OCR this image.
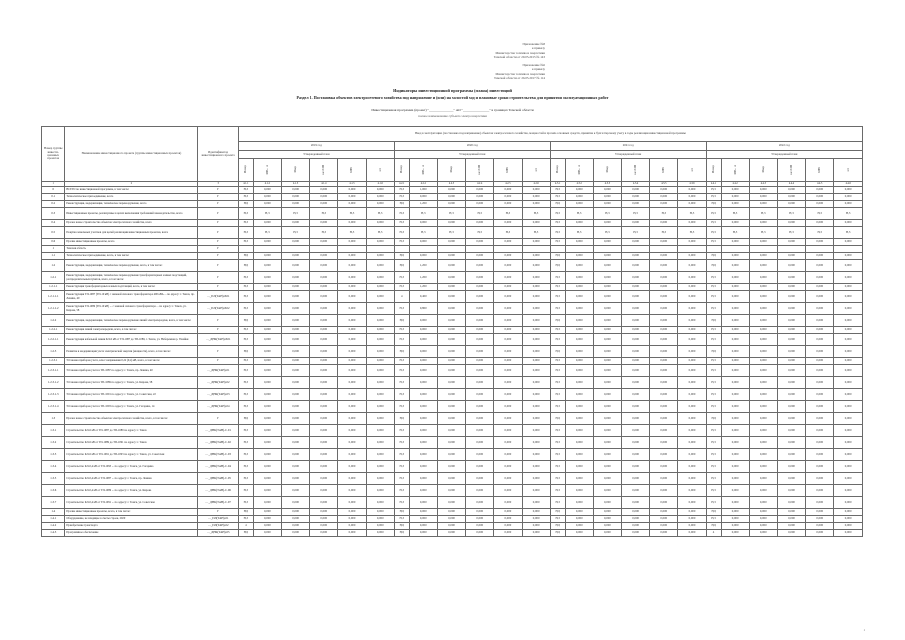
Приложение №8
к приказу
Министерства топлива и энергетики
Томской области от 29.05.2015 № 143
Приложение №6
к приказу
Министерства топлива и энергетики
Томской области от 26.05.2017 № 114
Индикаторы инвестиционной программы (плана) инвестиций
Раздел 1. Постановка объектов электросетевого хозяйства под напряжение и (или) на холостой ход и плановые сроки строительства для принятия эксплуатационных работ
Инвестиционная программа (проект) "______________" АО "_______________" в границах Томской области
полное наименование субъекта электроэнергетики
Номер группы инвестиционных проектов	Наименование инвестиционного проекта (группы инвестиционных проектов)	Идентификатор инвестиционного проекта	Ввод в эксплуатацию (постановка под напряжение) объектов электросетевого хозяйства, мощностей и прочих основных средств, принятие к бухгалтерскому учету в годы реализации инвестиционной программы																							
			2019 год						2020 год						2021 год						2022 год					
			Утвержденный план						Утвержденный план						Утвержденный план						Утвержденный план					
			Номер	МВ×А	Мвар	км ЛЭП	МВт	шт	Номер	МВ×А	Мвар	км ЛЭП	МВт	шт	Номер	МВ×А	Мвар	км ЛЭП	МВт	шт	Номер	МВ×А	Мвар	км ЛЭП	МВт	шт
1	2	3	4.1.1	4.1.2	4.1.3	4.1.4	4.1.5	4.1.6	4.2.1	4.2.2	4.2.3	4.2.4	4.2.5	4.2.6	4.3.1	4.3.2	4.3.3	4.3.4	4.3.5	4.3.6	4.4.1	4.4.2	4.4.3	4.4.4	4.4.5	4.4.6
0	ВСЕГО по инвестиционной программе, в том числе:	Г	Н,3	0,000	0,000	0,000	0,000	0,000	Н,3	1,000	0,000	0,000	0,000	0,000	Н,3	0,000	0,000	0,000	0,000	0,000	Н,3	0,000	0,000	0,000	0,000	0,000
0.1	Технологическое присоединение, всего	Г	Н,3	0,000	0,000	0,000	0,000	0,000	Н,3	0,000	0,000	0,000	0,000	0,000	Н,3	0,000	0,000	0,000	0,000	0,000	Н,3	0,000	0,000	0,000	0,000	0,000
0.2	Реконструкция, модернизация, техническое перевооружение, всего	Г	НД	0,000	0,000	0,000	0,000	0,000	НД	1,200	0,000	0,000	0,000	0,000	НД	0,000	0,000	0,000	0,000	0,000	НД	0,000	0,000	0,000	0,000	0,000
0.3	Инвестиционные проекты, реализуемые в целях выполнения требований законодательства, всего	Г	Н,3	Н,3	Н,3	Н,3	Н,3	Н,3	Н,3	Н,3	Н,3	Н,3	Н,3	Н,3	Н,3	Н,3	Н,3	Н,3	Н,3	Н,3	Н,3	Н,3	Н,3	Н,3	Н,3	Н,3
0.4	Прочее новое строительство объектов электросетевого хозяйства, всего	Г	Н,3	0,000	0,000	0,000	0,000	0,000	Н,3	0,000	0,000	0,000	0,000	0,000	Н,3	0,000	0,000	0,000	0,000	0,000	Н,3	0,000	0,000	0,000	0,000	0,000
0.5	Покупка земельных участков для целей реализации инвестиционных проектов, всего	Г	Н,3	Н,3	Н,3	Н,3	Н,3	Н,3	Н,3	Н,3	Н,3	Н,3	Н,3	Н,3	Н,3	Н,3	Н,3	Н,3	Н,3	Н,3	Н,3	Н,3	Н,3	Н,3	Н,3	Н,3
0.6	Прочие инвестиционные проекты, всего	Г	Н,3	0,000	0,000	0,000	0,000	0,000	Н,3	0,000	0,000	0,000	0,000	0,000	Н,3	0,000	0,000	0,000	0,000	0,000	Н,3	0,000	0,000	0,000	0,000	0,000
1	Томская область	Г																								
1.1	Технологическое присоединение, всего, в том числе:	Г	НД	0,000	0,000	0,000	0,000	0,000	НД	0,000	0,000	0,000	0,000	0,000	НД	0,000	0,000	0,000	0,000	0,000	НД	0,000	0,000	0,000	0,000	0,000
1.2	Реконструкция, модернизация, техническое перевооружение, всего, в том числе:	Г	НД	0,000	0,000	0,000	0,000	0,000	НД	1,200	0,000	0,000	0,000	0,000	НД	0,000	0,000	0,000	0,000	0,000	НД	0,000	0,000	0,000	0,000	0,000
1.2.1	Реконструкция, модернизация, техническое перевооружение трансформаторных и иных подстанций, распределительных пунктов, всего, в том числе:	Г	Н,3	0,000	0,000	0,000	0,000	0,000	Н,3	1,200	0,000	0,000	0,000	0,000	Н,3	0,000	0,000	0,000	0,000	0,000	Н,3	0,000	0,000	0,000	0,000	0,000
1.2.1.1	Реконструкция трансформаторных и иных подстанций, всего, в том числе:	Г	Н,3	0,000	0,000	0,000	0,000	0,000	Н,3	1,200	0,000	0,000	0,000	0,000	Н,3	0,000	0,000	0,000	0,000	0,000	Н,3	0,000	0,000	0,000	0,000	0,000
1.2.1.1.1	Реконструкция ТП-1087 (ТП-10 кВ) с заменой силового трансформатора 400 кВА ... по адресу: г. Томск, пр. Ленина, 40	…_ПЛ(ТАН)-Р.01	Н,3	0,000	0,000	0,000	0,000	0,000	4	0,400	0,000	0,000	0,000	0,000	Н,3	0,000	0,000	0,000	0,000	0,000	Н,3	0,000	0,000	0,000	0,000	0,000
1.2.1.1.2	Реконструкция ТП-1089 (ТП-10 кВ) ... с заменой силового трансформатора ... по адресу: г. Томск, ул. Кирова, 58	…_ПЛ(ТАН)-Р.02	Н,3	0,000	0,000	0,000	0,000	0,000	Н,3	0,800	0,000	0,000	0,000	0,000	Н,3	0,000	0,000	0,000	0,000	0,000	Н,3	0,000	0,000	0,000	0,000	0,000
1.2.2	Реконструкция, модернизация, техническое перевооружение линий электропередачи, всего, в том числе:	Г	НД	0,000	0,000	0,000	0,000	0,000	НД	0,000	0,000	0,000	0,000	0,000	НД	0,000	0,000	0,000	0,000	0,000	НД	0,000	0,000	0,000	0,000	0,000
1.2.2.1	Реконструкция линий электропередачи, всего, в том числе:	Г	Н,3	0,000	0,000	0,000	0,000	0,000	Н,3	0,000	0,000	0,000	0,000	0,000	Н,3	0,000	0,000	0,000	0,000	0,000	Н,3	0,000	0,000	0,000	0,000	0,000
1.2.2.1.1	Реконструкция кабельной линии КЛ-6 кВ от ТП-1087 до ТП-1089, г. Томск, ул. Набережная р. Ушайки	…_ДНК(ТАН)-Р.01	Н,3	0,000	0,000	0,000	0,000	0,000	Н,3	0,000	0,000	0,000	0,000	0,000	Н,3	0,000	0,000	0,000	0,000	0,000	Н,3	0,000	0,000	0,000	0,000	0,000
1.2.3	Развитие и модернизация учета электрической энергии (мощности), всего, в том числе:	Г	НД	0,000	0,000	0,000	0,000	0,000	НД	0,000	0,000	0,000	0,000	0,000	НД	0,000	0,000	0,000	0,000	0,000	НД	0,000	0,000	0,000	0,000	0,000
1.2.3.1	Установка приборов учета, класс напряжения 0,22 (0,4) кВ, всего, в том числе:	Г	Н,3	0,000	0,000	0,000	0,000	0,000	Н,3	0,000	0,000	0,000	0,000	0,000	Н,3	0,000	0,000	0,000	0,000	0,000	Н,3	0,000	0,000	0,000	0,000	0,000
1.2.3.1.1	Установка приборов учета в ТП-1087 по адресу: г. Томск, пр. Ленина, 40	…_ДНК(ТАН)-01	Н,3	0,000	0,000	0,000	0,000	0,000	Н,3	0,000	0,000	0,000	0,000	0,000	Н,3	0,000	0,000	0,000	0,000	0,000	Н,3	0,000	0,000	0,000	0,000	0,000
1.2.3.1.2	Установка приборов учета в ТП-1089 по адресу: г. Томск, ул. Кирова, 58	…_ДНК(ТАН)-02	Н,3	0,000	0,000	0,000	0,000	0,000	Н,3	0,000	0,000	0,000	0,000	0,000	Н,3	0,000	0,000	0,000	0,000	0,000	Н,3	0,000	0,000	0,000	0,000	0,000
1.2.3.1.3	Установка приборов учета в ТП-1091 по адресу: г. Томск, ул. Советская, 22	…_ДНК(ТАН)-03	Н,3	0,000	0,000	0,000	0,000	0,000	Н,3	0,000	0,000	0,000	0,000	0,000	Н,3	0,000	0,000	0,000	0,000	0,000	Н,3	0,000	0,000	0,000	0,000	0,000
1.2.3.1.4	Установка приборов учета в ТП-1093 по адресу: г. Томск, ул. Гагарина, 14	…_ДНК(ТАН)-04	Н,3	0,000	0,000	0,000	0,000	0,000	Н,3	0,000	0,000	0,000	0,000	0,000	Н,3	0,000	0,000	0,000	0,000	0,000	Н,3	0,000	0,000	0,000	0,000	0,000
1.3	Прочее новое строительство объектов электросетевого хозяйства, всего, в том числе:	Г	НД	0,000	0,000	0,000	0,000	0,000	НД	0,000	0,000	0,000	0,000	0,000	НД	0,000	0,000	0,000	0,000	0,000	НД	0,000	0,000	0,000	0,000	0,000
1.3.1	Строительство КЛ-6 кВ от ТП-1087 до ТП-1089 по адресу: г. Томск	…_ДНК(ТАН)-С.01	Н,3	0,000	0,000	0,000	0,000	0,000	Н,3	0,000	0,000	0,000	0,000	0,000	Н,3	0,000	0,000	0,000	0,000	0,000	Н,3	0,000	0,000	0,000	0,000	0,000
1.3.2	Строительство КЛ-6 кВ от ТП-1089 до ТП-1091 по адресу: г. Томск	…_ДНК(ТАН)-С.02	Н,3	0,000	0,000	0,000	0,000	0,000	Н,3	0,000	0,000	0,000	0,000	0,000	Н,3	0,000	0,000	0,000	0,000	0,000	Н,3	0,000	0,000	0,000	0,000	0,000
1.3.3	Строительство КЛ-6 кВ от ТП-1091 до ТП-1093 по адресу: г. Томск, ул. Советская	…_ДНК(ТАН)-С.03	Н,3	0,000	0,000	0,000	0,000	0,000	Н,3	0,000	0,000	0,000	0,000	0,000	Н,3	0,000	0,000	0,000	0,000	0,000	Н,3	0,000	0,000	0,000	0,000	0,000
1.3.4	Строительство КЛ-0,4 кВ от ТП-1093 ... по адресу: г. Томск, ул. Гагарина	…_ДНК(ТАН)-С.04	Н,3	0,000	0,000	0,000	0,000	0,000	Н,3	0,000	0,000	0,000	0,000	0,000	Н,3	0,000	0,000	0,000	0,000	0,000	Н,3	0,000	0,000	0,000	0,000	0,000
1.3.5	Строительство КЛ-0,4 кВ от ТП-1087 ... по адресу: г. Томск, пр. Ленина	…_ДНК(ТАН)-С.05	Н,3	0,000	0,000	0,000	0,000	0,000	Н,3	0,000	0,000	0,000	0,000	0,000	Н,3	0,000	0,000	0,000	0,000	0,000	Н,3	0,000	0,000	0,000	0,000	0,000
1.3.6	Строительство КЛ-0,4 кВ от ТП-1089 ... по адресу: г. Томск, ул. Кирова	…_ДНК(ТАН)-С.06	Н,3	0,000	0,000	0,000	0,000	0,000	Н,3	0,000	0,000	0,000	0,000	0,000	Н,3	0,000	0,000	0,000	0,000	0,000	Н,3	0,000	0,000	0,000	0,000	0,000
1.3.7	Строительство КЛ-0,4 кВ от ТП-1091 ... по адресу: г. Томск, ул. Советская	…_ДНК(ТАН)-С.07	Н,3	0,000	0,000	0,000	0,000	0,000	Н,3	0,000	0,000	0,000	0,000	0,000	Н,3	0,000	0,000	0,000	0,000	0,000	Н,3	0,000	0,000	0,000	0,000	0,000
1.4	Прочие инвестиционные проекты, всего, в том числе:	Г	НД	0,000	0,000	0,000	0,000	0,000	НД	0,000	0,000	0,000	0,000	0,000	НД	0,000	0,000	0,000	0,000	0,000	НД	0,000	0,000	0,000	0,000	0,000
1.4.1	Оборудование, не входящее в сметы строек, 2020	…_ПЛ(ТАН)-01	Н,3	0,000	0,000	0,000	0,000	0,000	Н,3	0,000	0,000	0,000	0,000	0,000	Н,3	0,000	0,000	0,000	0,000	0,000	Н,3	0,000	0,000	0,000	0,000	0,000
1.4.2	Приобретение транспорта	…_ПЛ(ТАН)-02	4	0,000	0,000	0,000	0,000	0,000	НД	0,000	0,000	0,000	0,000	0,000	НД	0,000	0,000	0,000	0,000	0,000	НД	0,000	0,000	0,000	0,000	0,000
1.4.3	Программное обеспечение	…_ДНК(ТАН)-05	НД	0,000	0,000	0,000	0,000	0,000	НД	0,000	0,000	0,000	0,000	0,000	НД	0,000	0,000	0,000	0,000	0,000	4	0,000	0,000	0,000	0,000	0,000
1
